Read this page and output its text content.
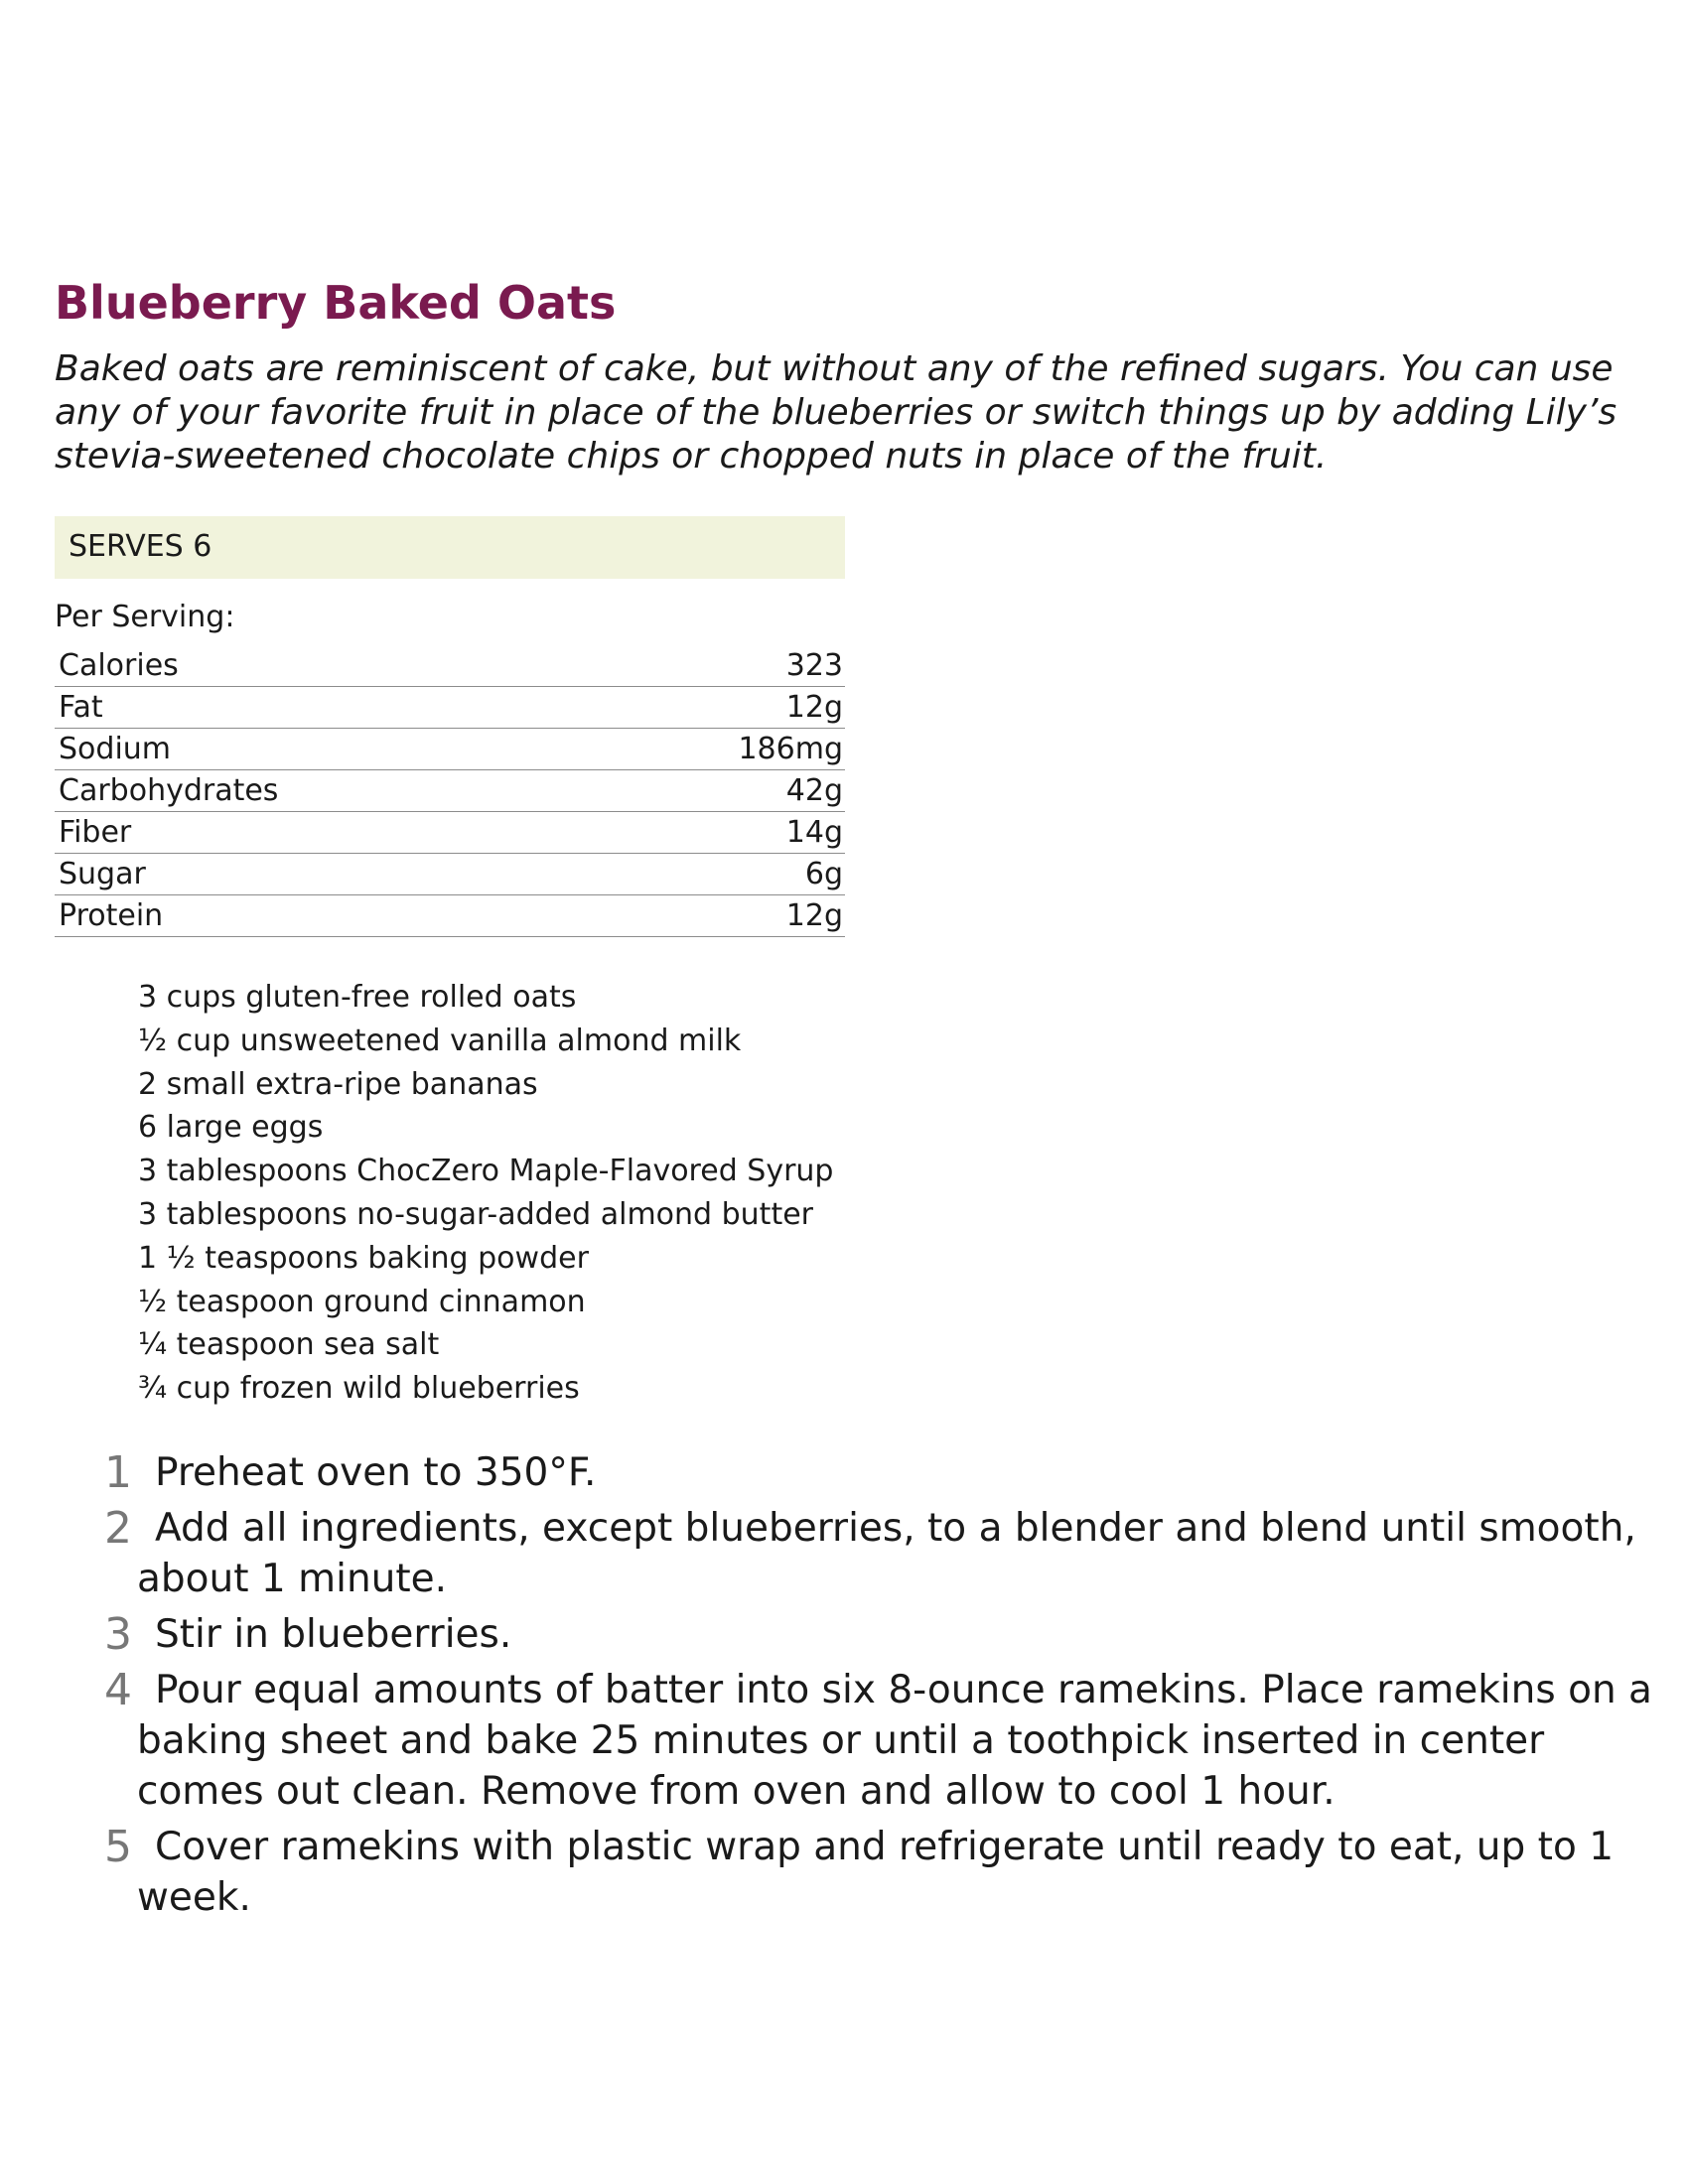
Blueberry Baked Oats

Baked oats are reminiscent of cake, but without any of the refined sugars. You can use any of your favorite fruit in place of the blueberries or switch things up by adding Lily’s stevia-sweetened chocolate chips or chopped nuts in place of the fruit.

SERVES 6
Per Serving:
Calories	323
Fat	12g
Sodium	186mg
Carbohydrates	42g
Fiber	14g
Sugar	6g
Protein	12g
3 cups gluten-free rolled oats
½ cup unsweetened vanilla almond milk
2 small extra-ripe bananas
6 large eggs
3 tablespoons ChocZero Maple-Flavored Syrup
3 tablespoons no-sugar-added almond butter
1 ½ teaspoons baking powder
½ teaspoon ground cinnamon
¼ teaspoon sea salt
¾ cup frozen wild blueberries
1 Preheat oven to 350°F.
2 Add all ingredients, except blueberries, to a blender and blend until smooth, about 1 minute.
3 Stir in blueberries.
4 Pour equal amounts of batter into six 8-ounce ramekins. Place ramekins on a baking sheet and bake 25 minutes or until a toothpick inserted in center comes out clean. Remove from oven and allow to cool 1 hour.
5 Cover ramekins with plastic wrap and refrigerate until ready to eat, up to 1 week.
